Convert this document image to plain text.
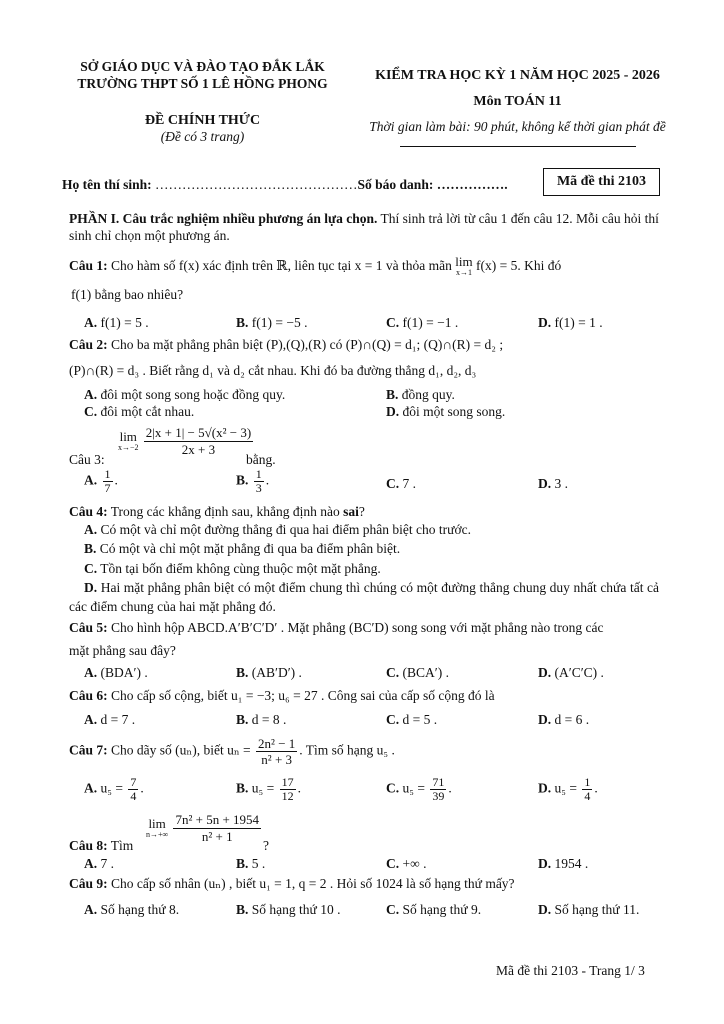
SỞ GIÁO DỤC VÀ ĐÀO TẠO ĐẮK LẮK
TRƯỜNG THPT SỐ 1 LÊ HỒNG PHONG
ĐỀ CHÍNH THỨC
(Đề có 3 trang)
KIỂM TRA HỌC KỲ 1 NĂM HỌC 2025 - 2026
Môn TOÁN 11
Thời gian làm bài: 90 phút, không kể thời gian phát đề
Họ tên thí sinh: ………………………………………Số báo danh: …………….	Mã đề thi 2103
PHẦN I. Câu trắc nghiệm nhiều phương án lựa chọn. Thí sinh trả lời từ câu 1 đến câu 12. Mỗi câu hỏi thí sinh chỉ chọn một phương án.
Câu 1: Cho hàm số f(x) xác định trên ℝ, liên tục tại x = 1 và thỏa mãn lim
x→1 f(x) = 5. Khi đó
f(1) bằng bao nhiêu?
A. f(1) = 5 .	B. f(1) = −5 .	C. f(1) = −1 .	D. f(1) = 1 .
Câu 2: Cho ba mặt phẳng phân biệt (P),(Q),(R) có (P)∩(Q) = d₁; (Q)∩(R) = d₂ ;
(P)∩(R) = d₃ . Biết rằng d₁ và d₂ cắt nhau. Khi đó ba đường thẳng d₁, d₂, d₃
A. đôi một song song hoặc đồng quy.	B. đồng quy.
C. đôi một cắt nhau.	D. đôi một song song.
Câu 3:
lim
x→−2
$\frac{\text{2|x + 1| − 5√(x² − 3)}}{2x + 3}$
bằng.
A. $\frac{1}{7}$ .	B. $\frac{1}{3}$ .	C. 7 .	D. 3 .
Câu 4: Trong các khẳng định sau, khẳng định nào sai?
A. Có một và chỉ một đường thẳng đi qua hai điểm phân biệt cho trước.
B. Có một và chỉ một mặt phẳng đi qua ba điểm phân biệt.
C. Tồn tại bốn điểm không cùng thuộc một mặt phẳng.
D. Hai mặt phẳng phân biệt có một điểm chung thì chúng có một đường thẳng chung duy nhất chứa tất cả các điểm chung của hai mặt phẳng đó.
Câu 5: Cho hình hộp ABCD.A′B′C′D′ . Mặt phẳng (BC′D) song song với mặt phẳng nào trong các
mặt phẳng sau đây?
A. (BDA′) .	B. (AB′D′) .	C. (BCA′) .	D. (A′C′C) .
Câu 6: Cho cấp số cộng, biết u₁ = −3; u₆ = 27 . Công sai của cấp số cộng đó là
A. d = 7 .	B. d = 8 .	C. d = 5 .	D. d = 6 .
Câu 7: Cho dãy số (uₙ), biết $u_n = \frac{\text{2n² − 1}}{\text{n² + 3}}$ . Tìm số hạng u₅ .
A. $u_5 = \frac{7}{4}$ .	B. $u_5 = \frac{17}{12}$ .	C. $u_5 = \frac{71}{39}$ .	D. $u_5 = \frac{1}{4}$ .
Câu 8: Tìm
lim
n→+∞
$\frac{\text{7n² + 5n + 1954}}{\text{n² + 1}}$
?
A. 7 .	B. 5 .	C. +∞ .	D. 1954 .
Câu 9: Cho cấp số nhân (uₙ) , biết u₁ = 1, q = 2 . Hỏi số 1024 là số hạng thứ mấy?
A. Số hạng thứ 8.	B. Số hạng thứ 10 .	C. Số hạng thứ 9.	D. Số hạng thứ 11.
Mã đề thi 2103 - Trang 1/ 3
